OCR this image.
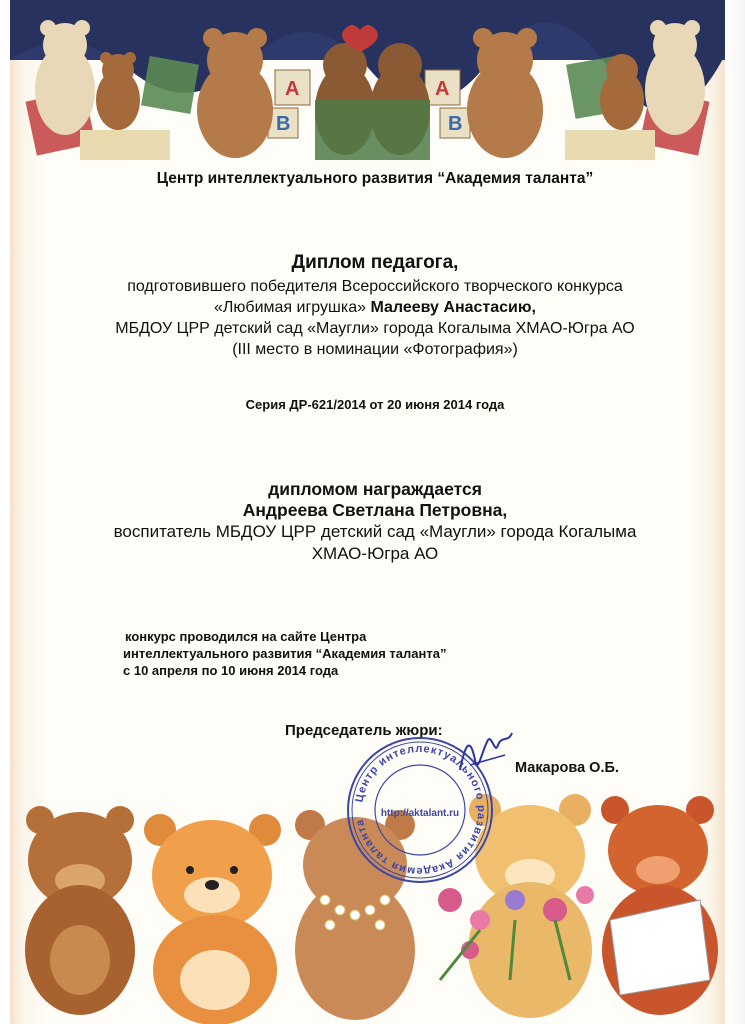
A
B
A
B
Центр интеллектуального развития “Академия таланта”
Диплом педагога,
подготовившего победителя Всероссийского творческого конкурса
«Любимая игрушка» Малееву Анастасию,
МБДОУ ЦРР детский сад «Маугли» города Когалыма ХМАО-Югра АО
(III место в номинации «Фотография»)
Серия ДР-621/2014 от 20 июня 2014 года
дипломом награждается
Андреева Светлана Петровна,
воспитатель МБДОУ ЦРР детский сад «Маугли» города Когалыма
ХМАО-Югра АО
конкурс проводился на сайте Центра
интеллектуального развития “Академия таланта”
с 10 апреля по 10 июня 2014 года
Председатель жюри:
Макарова О.Б.
Центр интеллектуального развития Академия таланта
http://aktalant.ru
